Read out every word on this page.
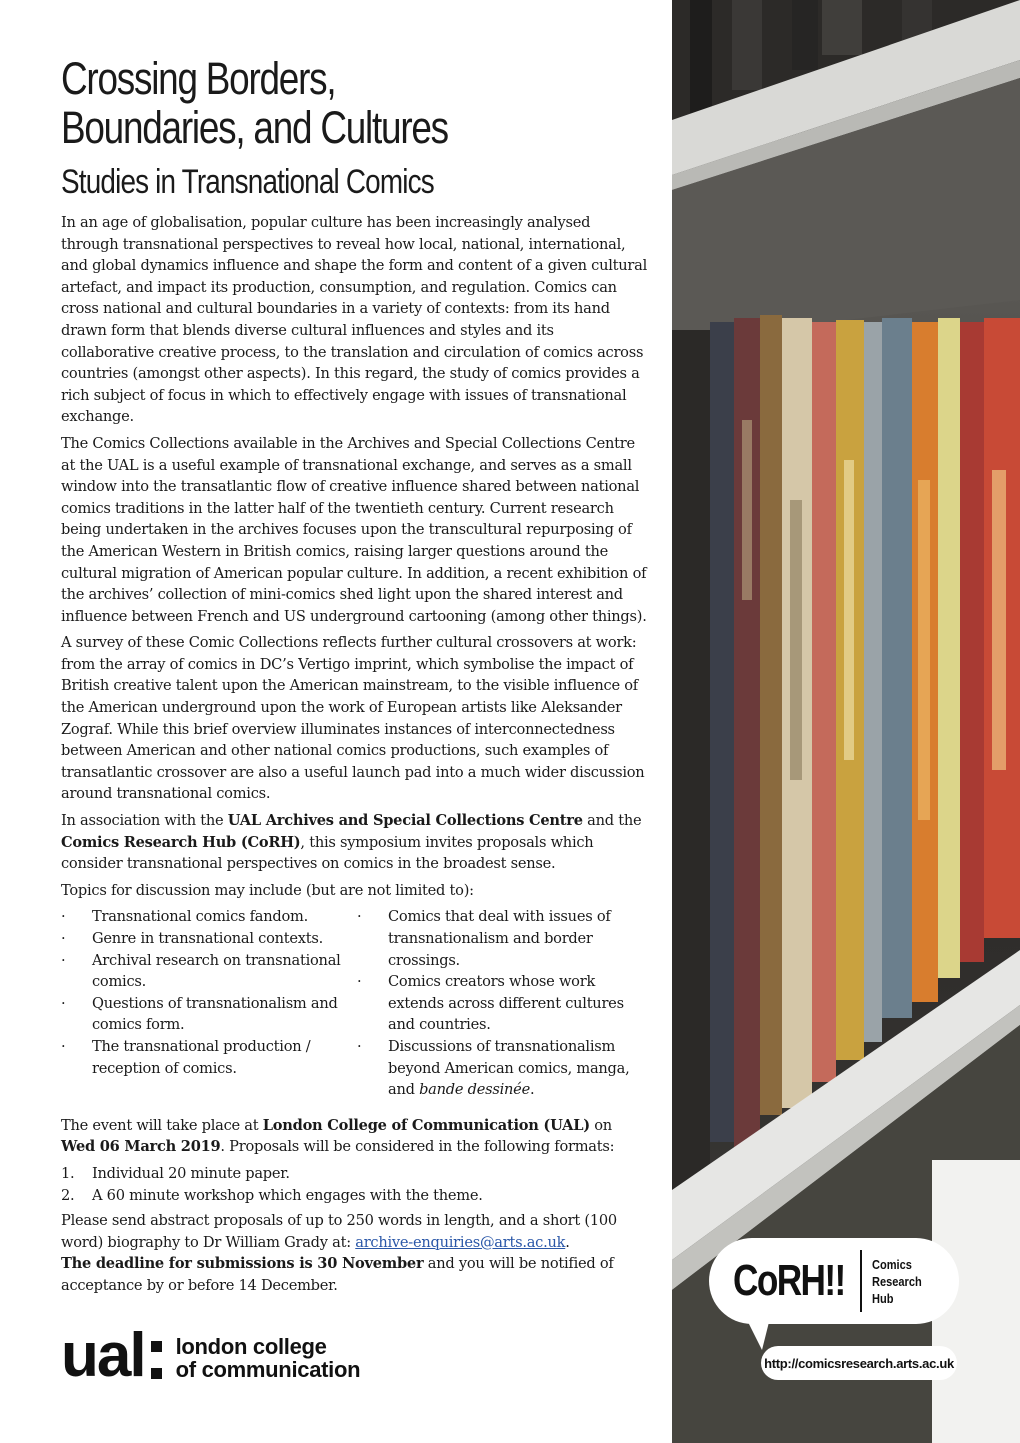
Crossing Borders,
Boundaries, and Cultures
Studies in Transnational Comics

In an age of globalisation, popular culture has been increasingly analysed through transnational perspectives to reveal how local, national, international, and global dynamics influence and shape the form and content of a given cultural artefact, and impact its production, consumption, and regulation. Comics can cross national and cultural boundaries in a variety of contexts: from its hand drawn form that blends diverse cultural influences and styles and its collaborative creative process, to the translation and circulation of comics across countries (amongst other aspects). In this regard, the study of comics provides a rich subject of focus in which to effectively engage with issues of transnational exchange.

The Comics Collections available in the Archives and Special Collections Centre at the UAL is a useful example of transnational exchange, and serves as a small window into the transatlantic flow of creative influence shared between national comics traditions in the latter half of the twentieth century. Current research being undertaken in the archives focuses upon the transcultural repurposing of the American Western in British comics, raising larger questions around the cultural migration of American popular culture. In addition, a recent exhibition of the archives’ collection of mini-comics shed light upon the shared interest and influence between French and US underground cartooning (among other things).

A survey of these Comic Collections reflects further cultural crossovers at work: from the array of comics in DC’s Vertigo imprint, which symbolise the impact of British creative talent upon the American mainstream, to the visible influence of the American underground upon the work of European artists like Aleksander Zograf. While this brief overview illuminates instances of interconnectedness between American and other national comics productions, such examples of transatlantic crossover are also a useful launch pad into a much wider discussion around transnational comics.

In association with the UAL Archives and Special Collections Centre and the Comics Research Hub (CoRH), this symposium invites proposals which consider transnational perspectives on comics in the broadest sense.

Topics for discussion may include (but are not limited to):

· Transnational comics fandom.
· Genre in transnational contexts.
· Archival research on transnational comics.
· Questions of transnationalism and comics form.
· The transnational production / reception of comics.
· Comics that deal with issues of transnationalism and border crossings.
· Comics creators whose work extends across different cultures and countries.
· Discussions of transnationalism beyond American comics, manga, and bande dessinée.

The event will take place at London College of Communication (UAL) on Wed 06 March 2019. Proposals will be considered in the following formats:

1. Individual 20 minute paper.
2. A 60 minute workshop which engages with the theme.

Please send abstract proposals of up to 250 words in length, and a short (100 word) biography to Dr William Grady at: archive-enquiries@arts.ac.uk.
The deadline for submissions is 30 November and you will be notified of acceptance by or before 14 December.

ual london college
of communication
CoRH!! Comics
Research
Hub
http://comicsresearch.arts.ac.uk
